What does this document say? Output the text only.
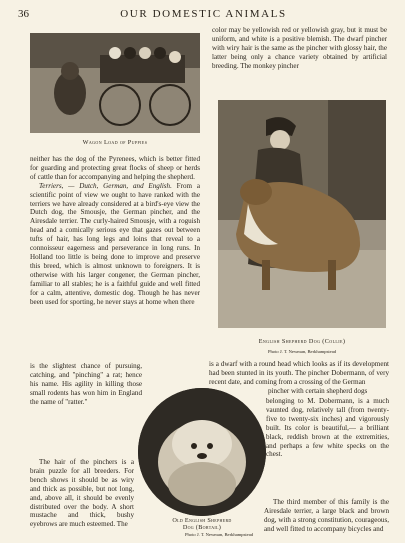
36	OUR DOMESTIC ANIMALS
Wagon Load of Puppies

color may be yellowish red or yellowish gray, but it must be uniform, and white is a positive blemish. The dwarf pincher with wiry hair is the same as the pincher with glossy hair, the latter being only a chance variety obtained by artificial breeding. The monkey pincher

English Shepherd Dog (Collie)
Photo J. T. Newman, Berkhampstead

neither has the dog of the Pyrenees, which is better fitted for guarding and protecting great flocks of sheep or herds of cattle than for accompanying and helping the shepherd.

Terriers, — Dutch, German, and English. From a scientific point of view we ought to have ranked with the terriers we have already considered at a bird's-eye view the Dutch dog, the Smousje, the German pincher, and the Airesdale terrier. The curly-haired Smousje, with a roguish head and a comically serious eye that gazes out between tufts of hair, has long legs and loins that reveal to a connoisseur eagerness and perseverance in long runs. In Holland too little is being done to improve and preserve this breed, which is almost unknown to foreigners. It is otherwise with his larger congener, the German pincher, familiar to all stables; he is a faithful guide and well fitted for a calm, attentive, domestic dog. Though he has never been used for sporting, he never stays at home when there

is a dwarf with a round head which looks as if its development had been stunted in its youth. The pincher Dobermann, of very recent date, and coming from a crossing of the German

pincher with certain shepherd dogs

Old English Shepherd
Dog (Bobtail)
Photo J. T. Newman, Berkhampstead

is the slightest chance of pursuing, catching, and "pinching" a rat; hence his name. His agility in killing those small rodents has won him in England the name of "ratter."

The hair of the pinchers is a brain puzzle for all breeders. For bench shows it should be as wiry and thick as possible, but not long, and, above all, it should be evenly distributed over the body. A short mustache and thick, bushy eyebrows are much esteemed. The

belonging to M. Dobermann, is a much vaunted dog, relatively tall (from twenty-five to twenty-six inches) and vigorously built. Its color is beautiful,— a brilliant black, reddish brown at the extremities, and perhaps a few white specks on the chest.

The third member of this family is the Airesdale terrier, a large black and brown dog, with a strong constitution, courageous, and well fitted to accompany bicycles and
